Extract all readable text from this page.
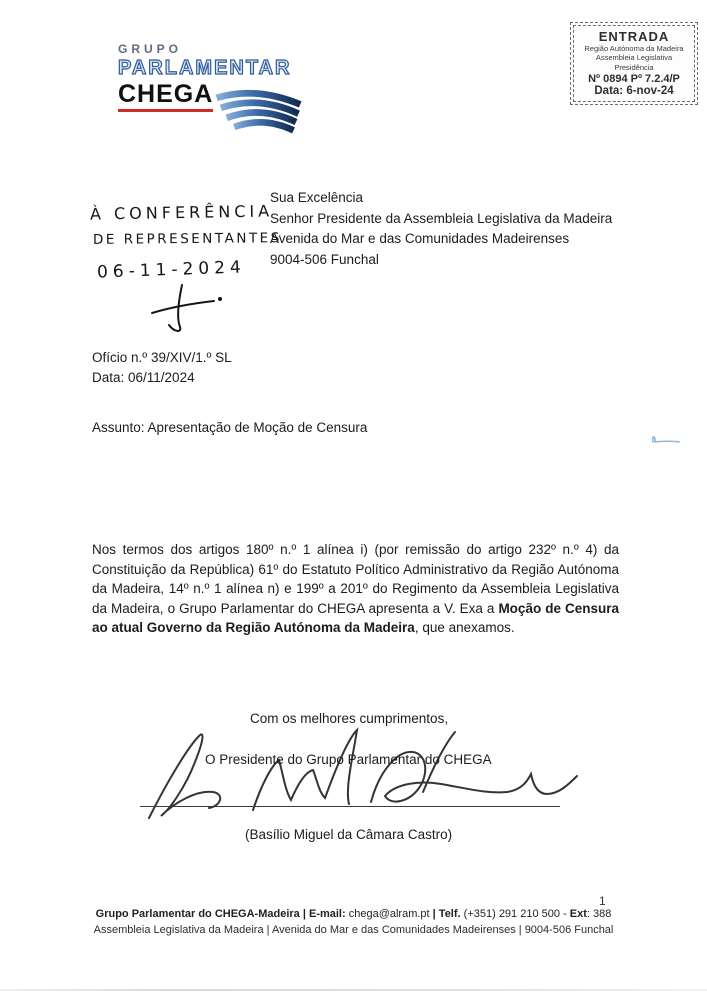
GRUPO
PARLAMENTAR
CHEGA
ENTRADA
Região Autónoma da Madeira
Assembleia Legislativa
Presidência
Nº 0894 Pº 7.2.4/P
Data: 6-nov-24
À CONFERÊNCIA
DE REPRESENTANTES
06-11-2024
Sua Excelência
Senhor Presidente da Assembleia Legislativa da Madeira
Avenida do Mar e das Comunidades Madeirenses
9004-506 Funchal
Ofício n.º 39/XIV/1.º SL
Data: 06/11/2024
Assunto: Apresentação de Moção de Censura
Nos termos dos artigos 180º n.º 1 alínea i) (por remissão do artigo 232º n.º 4) da Constituição da República) 61º do Estatuto Político Administrativo da Região Autónoma da Madeira, 14º n.º 1 alínea n) e 199º a 201º do Regimento da Assembleia Legislativa da Madeira, o Grupo Parlamentar do CHEGA apresenta a V. Exa a Moção de Censura ao atual Governo da Região Autónoma da Madeira, que anexamos.
Com os melhores cumprimentos,
O Presidente do Grupo Parlamentar do CHEGA
(Basílio Miguel da Câmara Castro)
1
Grupo Parlamentar do CHEGA-Madeira | E-mail: chega@alram.pt | Telf. (+351) 291 210 500 - Ext: 388
Assembleia Legislativa da Madeira | Avenida do Mar e das Comunidades Madeirenses | 9004-506 Funchal
